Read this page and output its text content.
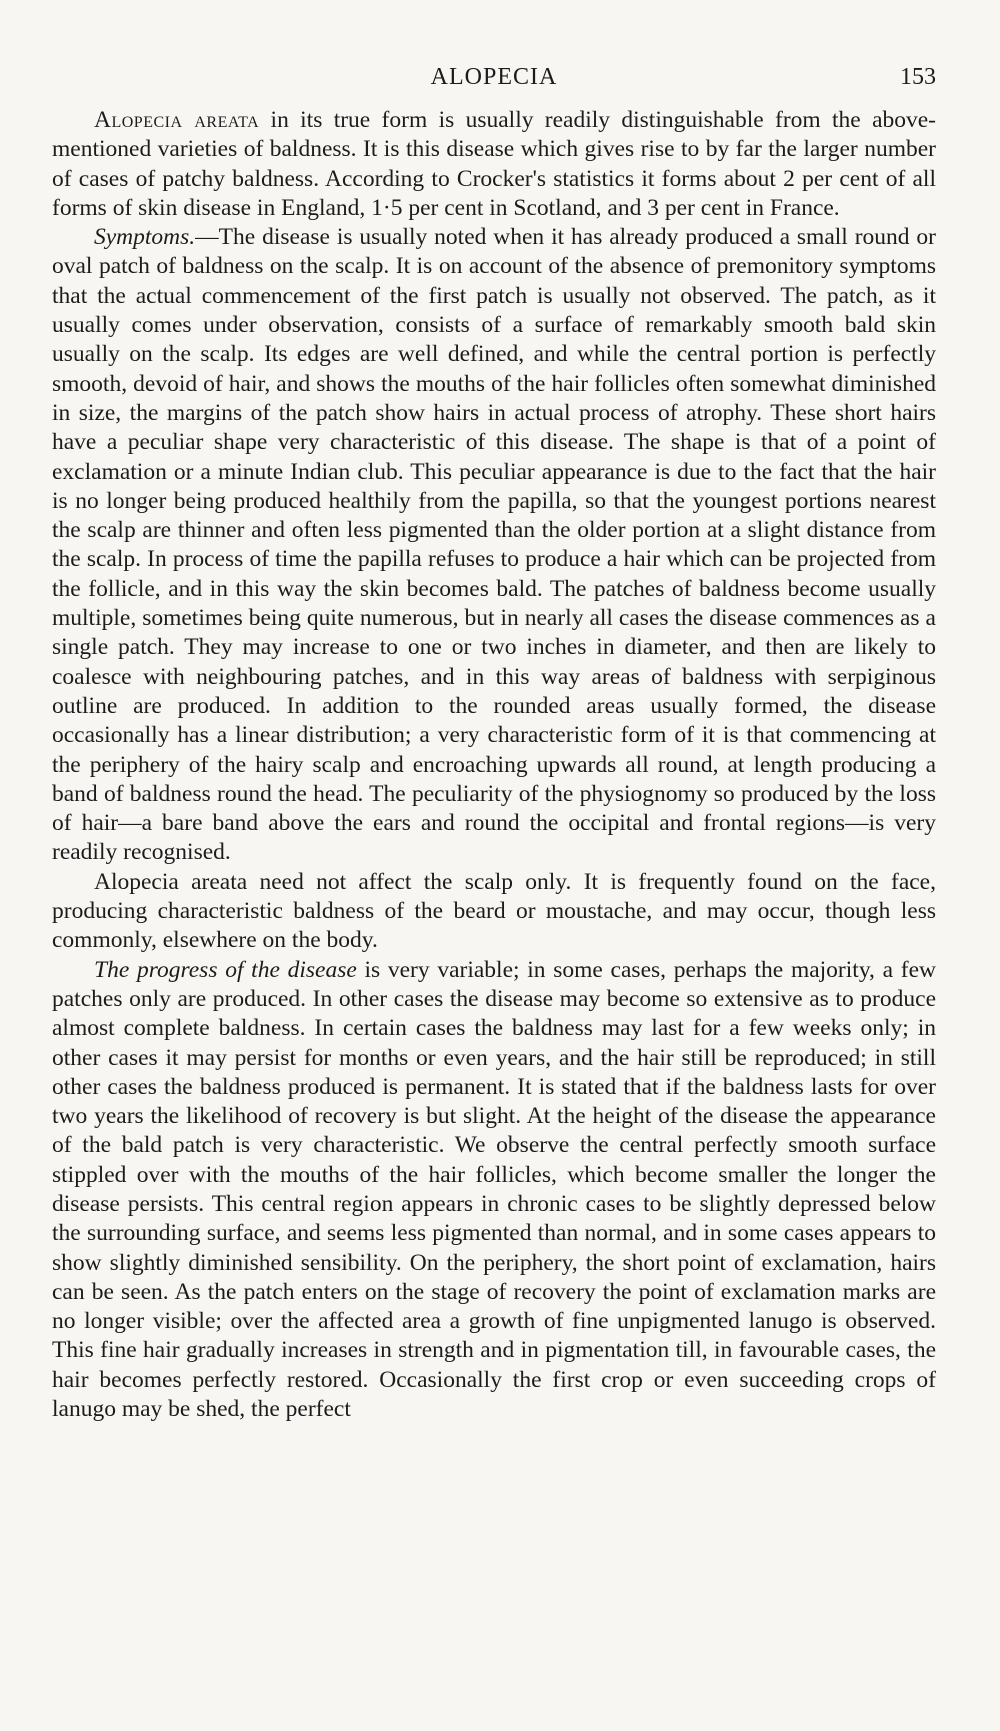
ALOPECIA	153

Alopecia areata in its true form is usually readily distinguishable from the above-mentioned varieties of baldness. It is this disease which gives rise to by far the larger number of cases of patchy baldness. According to Crocker's statistics it forms about 2 per cent of all forms of skin disease in England, 1·5 per cent in Scotland, and 3 per cent in France.

Symptoms.—The disease is usually noted when it has already produced a small round or oval patch of baldness on the scalp. It is on account of the absence of premonitory symptoms that the actual commencement of the first patch is usually not observed. The patch, as it usually comes under observation, consists of a surface of remarkably smooth bald skin usually on the scalp. Its edges are well defined, and while the central portion is perfectly smooth, devoid of hair, and shows the mouths of the hair follicles often somewhat diminished in size, the margins of the patch show hairs in actual process of atrophy. These short hairs have a peculiar shape very characteristic of this disease. The shape is that of a point of exclamation or a minute Indian club. This peculiar appearance is due to the fact that the hair is no longer being produced healthily from the papilla, so that the youngest portions nearest the scalp are thinner and often less pigmented than the older portion at a slight distance from the scalp. In process of time the papilla refuses to produce a hair which can be projected from the follicle, and in this way the skin becomes bald. The patches of baldness become usually multiple, sometimes being quite numerous, but in nearly all cases the disease commences as a single patch. They may increase to one or two inches in diameter, and then are likely to coalesce with neighbouring patches, and in this way areas of baldness with serpiginous outline are produced. In addition to the rounded areas usually formed, the disease occasionally has a linear distribution; a very characteristic form of it is that commencing at the periphery of the hairy scalp and encroaching upwards all round, at length producing a band of baldness round the head. The peculiarity of the physiognomy so produced by the loss of hair—a bare band above the ears and round the occipital and frontal regions—is very readily recognised.

Alopecia areata need not affect the scalp only. It is frequently found on the face, producing characteristic baldness of the beard or moustache, and may occur, though less commonly, elsewhere on the body.

The progress of the disease is very variable; in some cases, perhaps the majority, a few patches only are produced. In other cases the disease may become so extensive as to produce almost complete baldness. In certain cases the baldness may last for a few weeks only; in other cases it may persist for months or even years, and the hair still be reproduced; in still other cases the baldness produced is permanent. It is stated that if the baldness lasts for over two years the likelihood of recovery is but slight. At the height of the disease the appearance of the bald patch is very characteristic. We observe the central perfectly smooth surface stippled over with the mouths of the hair follicles, which become smaller the longer the disease persists. This central region appears in chronic cases to be slightly depressed below the surrounding surface, and seems less pigmented than normal, and in some cases appears to show slightly diminished sensibility. On the periphery, the short point of exclamation, hairs can be seen. As the patch enters on the stage of recovery the point of exclamation marks are no longer visible; over the affected area a growth of fine unpigmented lanugo is observed. This fine hair gradually increases in strength and in pigmentation till, in favourable cases, the hair becomes perfectly restored. Occasionally the first crop or even succeeding crops of lanugo may be shed, the perfect
